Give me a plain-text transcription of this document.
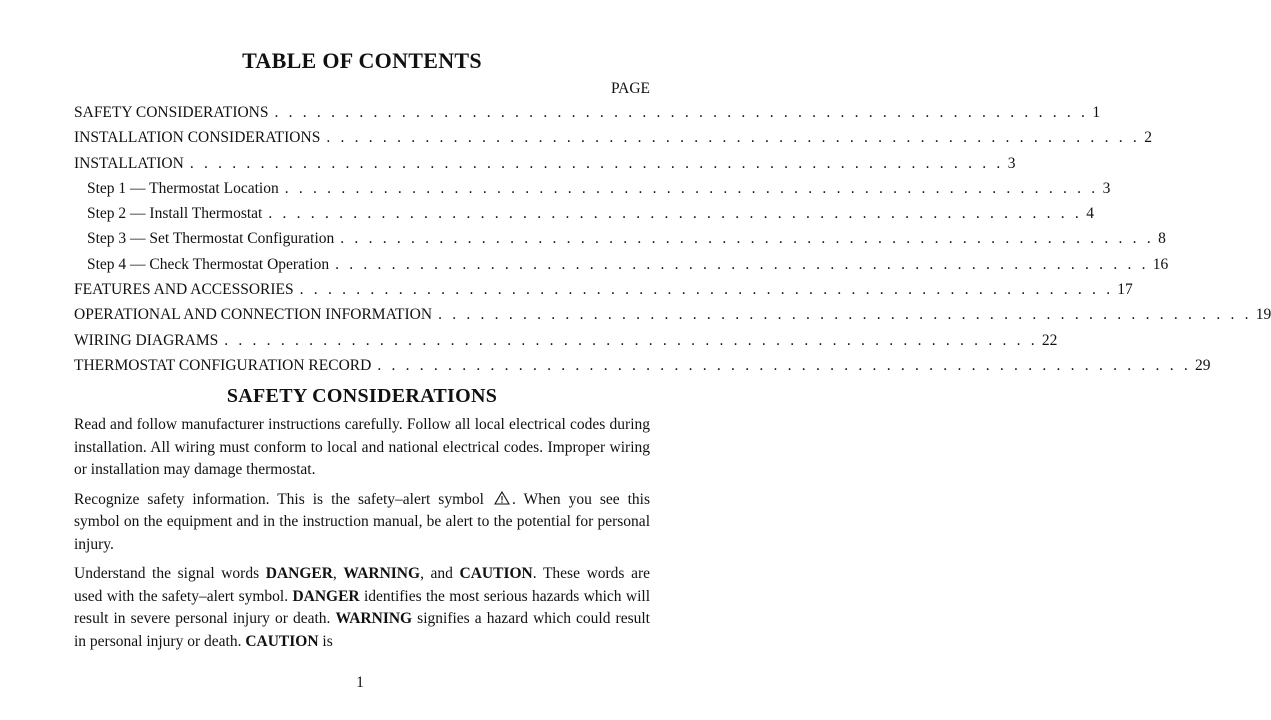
TABLE OF CONTENTS
PAGE
SAFETY CONSIDERATIONS . . . . . . . . . . . . . . . . . . . . . . . . . . . . . . . . . . . . . . . . . . . . . . . . . . . . . . . . . . 1
INSTALLATION CONSIDERATIONS . . . . . . . . . . . . . . . . . . . . . . . . . . . . . . . . . . . . . . . . . . . . . . . . . . . . . . . . . . 2
INSTALLATION . . . . . . . . . . . . . . . . . . . . . . . . . . . . . . . . . . . . . . . . . . . . . . . . . . . . . . . . . . 3
Step 1 — Thermostat Location . . . . . . . . . . . . . . . . . . . . . . . . . . . . . . . . . . . . . . . . . . . . . . . . . . . . . . . . . . 3
Step 2 — Install Thermostat . . . . . . . . . . . . . . . . . . . . . . . . . . . . . . . . . . . . . . . . . . . . . . . . . . . . . . . . . . 4
Step 3 — Set Thermostat Configuration . . . . . . . . . . . . . . . . . . . . . . . . . . . . . . . . . . . . . . . . . . . . . . . . . . . . . . . . . . 8
Step 4 — Check Thermostat Operation . . . . . . . . . . . . . . . . . . . . . . . . . . . . . . . . . . . . . . . . . . . . . . . . . . . . . . . . . . 16
FEATURES AND ACCESSORIES . . . . . . . . . . . . . . . . . . . . . . . . . . . . . . . . . . . . . . . . . . . . . . . . . . . . . . . . . . 17
OPERATIONAL AND CONNECTION INFORMATION . . . . . . . . . . . . . . . . . . . . . . . . . . . . . . . . . . . . . . . . . . . . . . . . . . . . . . . . . . 19
WIRING DIAGRAMS . . . . . . . . . . . . . . . . . . . . . . . . . . . . . . . . . . . . . . . . . . . . . . . . . . . . . . . . . . 22
THERMOSTAT CONFIGURATION RECORD . . . . . . . . . . . . . . . . . . . . . . . . . . . . . . . . . . . . . . . . . . . . . . . . . . . . . . . . . . 29
SAFETY CONSIDERATIONS

Read and follow manufacturer instructions carefully. Follow all local electrical codes during installation. All wiring must conform to local and national electrical codes. Improper wiring or installation may damage thermostat.

Recognize safety information. This is the safety–alert symbol . When you see this symbol on the equipment and in the instruction manual, be alert to the potential for personal injury.

Understand the signal words DANGER, WARNING, and CAUTION. These words are used with the safety–alert symbol. DANGER identifies the most serious hazards which will result in severe personal injury or death. WARNING signifies a hazard which could result in personal injury or death. CAUTION is

1
